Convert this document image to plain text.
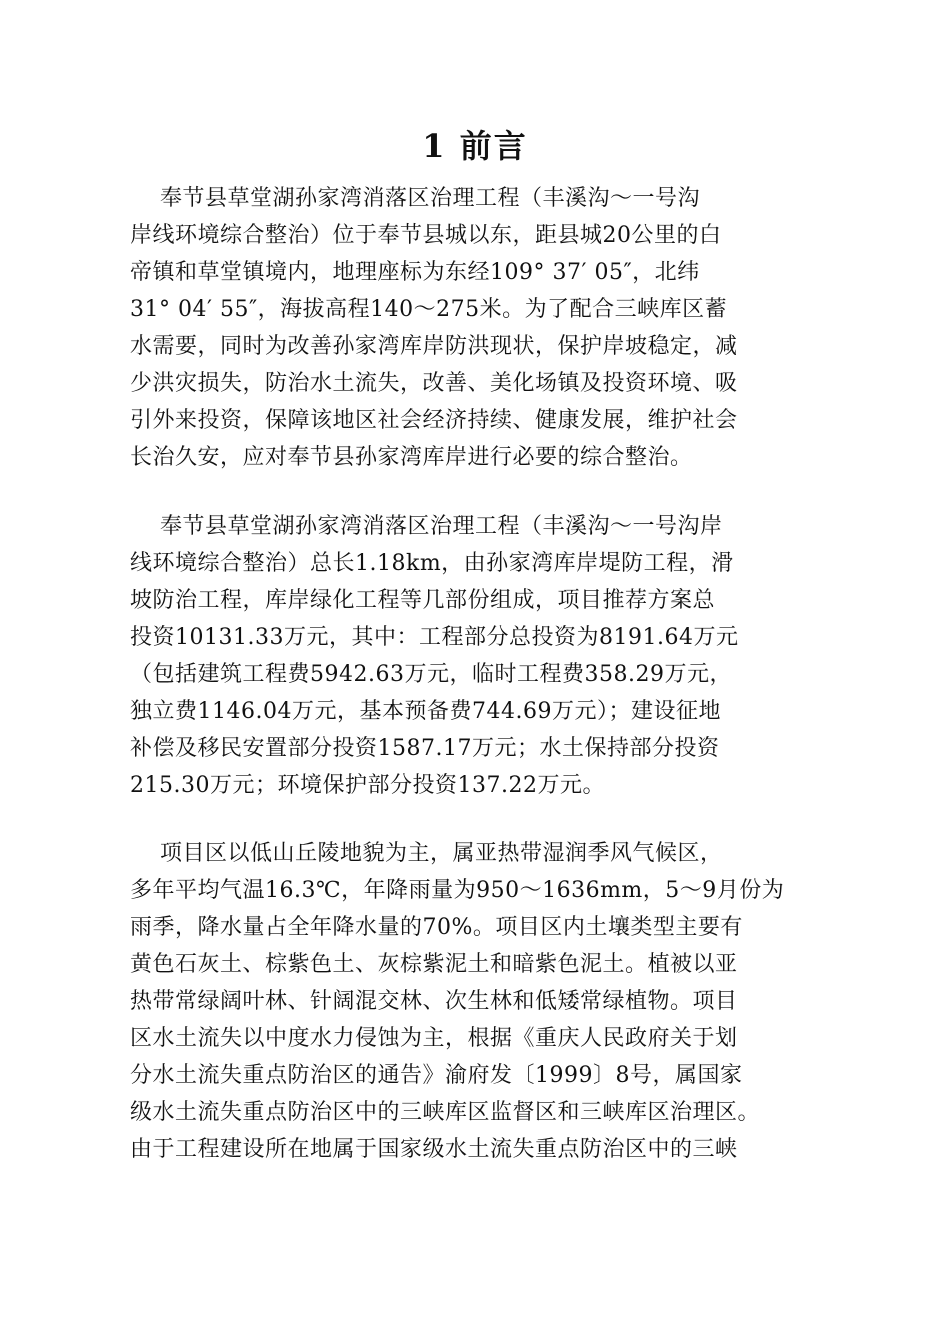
1 前言

奉节县草堂湖孙家湾消落区治理工程（丰溪沟～一号沟
岸线环境综合整治）位于奉节县城以东，距县城20公里的白
帝镇和草堂镇境内，地理座标为东经109° 37′ 05″，北纬
31° 04′ 55″，海拔高程140～275米。为了配合三峡库区蓄
水需要，同时为改善孙家湾库岸防洪现状，保护岸坡稳定，减
少洪灾损失，防治水土流失，改善、美化场镇及投资环境、吸
引外来投资，保障该地区社会经济持续、健康发展，维护社会
长治久安，应对奉节县孙家湾库岸进行必要的综合整治。

奉节县草堂湖孙家湾消落区治理工程（丰溪沟～一号沟岸
线环境综合整治）总长1.18km，由孙家湾库岸堤防工程，滑
坡防治工程，库岸绿化工程等几部份组成，项目推荐方案总
投资10131.33万元，其中：工程部分总投资为8191.64万元
（包括建筑工程费5942.63万元，临时工程费358.29万元，
独立费1146.04万元，基本预备费744.69万元）；建设征地
补偿及移民安置部分投资1587.17万元；水土保持部分投资
215.30万元；环境保护部分投资137.22万元。

项目区以低山丘陵地貌为主，属亚热带湿润季风气候区，
多年平均气温16.3℃，年降雨量为950～1636mm，5～9月份为
雨季，降水量占全年降水量的70%。项目区内土壤类型主要有
黄色石灰土、棕紫色土、灰棕紫泥土和暗紫色泥土。植被以亚
热带常绿阔叶林、针阔混交林、次生林和低矮常绿植物。项目
区水土流失以中度水力侵蚀为主，根据《重庆人民政府关于划
分水土流失重点防治区的通告》渝府发〔1999〕8号，属国家
级水土流失重点防治区中的三峡库区监督区和三峡库区治理区。
由于工程建设所在地属于国家级水土流失重点防治区中的三峡
